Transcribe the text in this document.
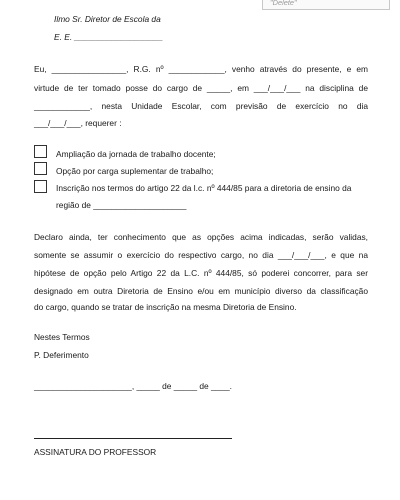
"Delete"
Ilmo Sr. Diretor de Escola da
E. E. ___________________
Eu, ________________, R.G. nº ____________, venho através do presente, e em
virtude de ter tomado posse do cargo de _____, em ___/___/___ na disciplina de
____________, nesta Unidade Escolar, com previsão de exercício no dia
___/___/___, requerer :
Ampliação da jornada de trabalho docente;
Opção por carga suplementar de trabalho;
Inscrição nos termos do artigo 22 da l.c. nº 444/85 para a diretoria de ensino da
região de ____________________
Declaro ainda, ter conhecimento que as opções acima indicadas, serão validas,
somente se assumir o exercício do respectivo cargo, no dia ___/___/___, e que na
hipótese de opção pelo Artigo 22 da L.C. nº 444/85, só poderei concorrer, para ser
designado em outra Diretoria de Ensino e/ou em município diverso da classificação
do cargo, quando se tratar de inscrição na mesma Diretoria de Ensino.
Nestes Termos
P. Deferimento
_____________________, _____ de _____ de ____.
ASSINATURA DO PROFESSOR
